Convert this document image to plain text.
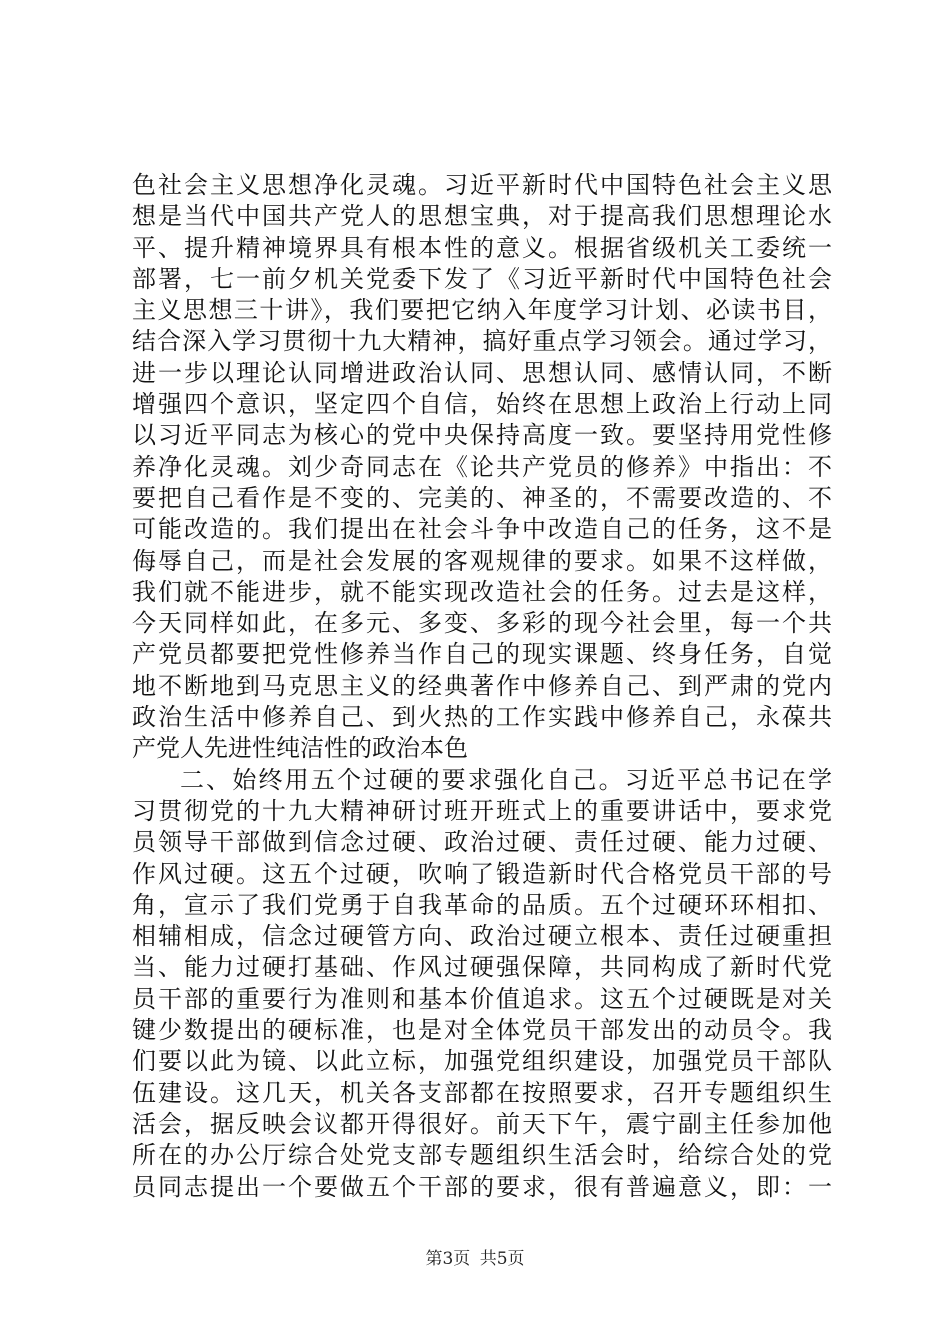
色社会主义思想净化灵魂。习近平新时代中国特色社会主义思
想是当代中国共产党人的思想宝典，对于提高我们思想理论水
平、提升精神境界具有根本性的意义。根据省级机关工委统一
部署，七一前夕机关党委下发了《习近平新时代中国特色社会
主义思想三十讲》，我们要把它纳入年度学习计划、必读书目，
结合深入学习贯彻十九大精神，搞好重点学习领会。通过学习，
进一步以理论认同增进政治认同、思想认同、感情认同，不断
增强四个意识，坚定四个自信，始终在思想上政治上行动上同
以习近平同志为核心的党中央保持高度一致。要坚持用党性修
养净化灵魂。刘少奇同志在《论共产党员的修养》中指出：不
要把自己看作是不变的、完美的、神圣的，不需要改造的、不
可能改造的。我们提出在社会斗争中改造自己的任务，这不是
侮辱自己，而是社会发展的客观规律的要求。如果不这样做，
我们就不能进步，就不能实现改造社会的任务。过去是这样，
今天同样如此，在多元、多变、多彩的现今社会里，每一个共
产党员都要把党性修养当作自己的现实课题、终身任务，自觉
地不断地到马克思主义的经典著作中修养自己、到严肃的党内
政治生活中修养自己、到火热的工作实践中修养自己，永葆共
产党人先进性纯洁性的政治本色
二、始终用五个过硬的要求强化自己。习近平总书记在学
习贯彻党的十九大精神研讨班开班式上的重要讲话中，要求党
员领导干部做到信念过硬、政治过硬、责任过硬、能力过硬、
作风过硬。这五个过硬，吹响了锻造新时代合格党员干部的号
角，宣示了我们党勇于自我革命的品质。五个过硬环环相扣、
相辅相成，信念过硬管方向、政治过硬立根本、责任过硬重担
当、能力过硬打基础、作风过硬强保障，共同构成了新时代党
员干部的重要行为准则和基本价值追求。这五个过硬既是对关
键少数提出的硬标准，也是对全体党员干部发出的动员令。我
们要以此为镜、以此立标，加强党组织建设，加强党员干部队
伍建设。这几天，机关各支部都在按照要求，召开专题组织生
活会，据反映会议都开得很好。前天下午，震宁副主任参加他
所在的办公厅综合处党支部专题组织生活会时，给综合处的党
员同志提出一个要做五个干部的要求，很有普遍意义，即：一
第3页 共5页
